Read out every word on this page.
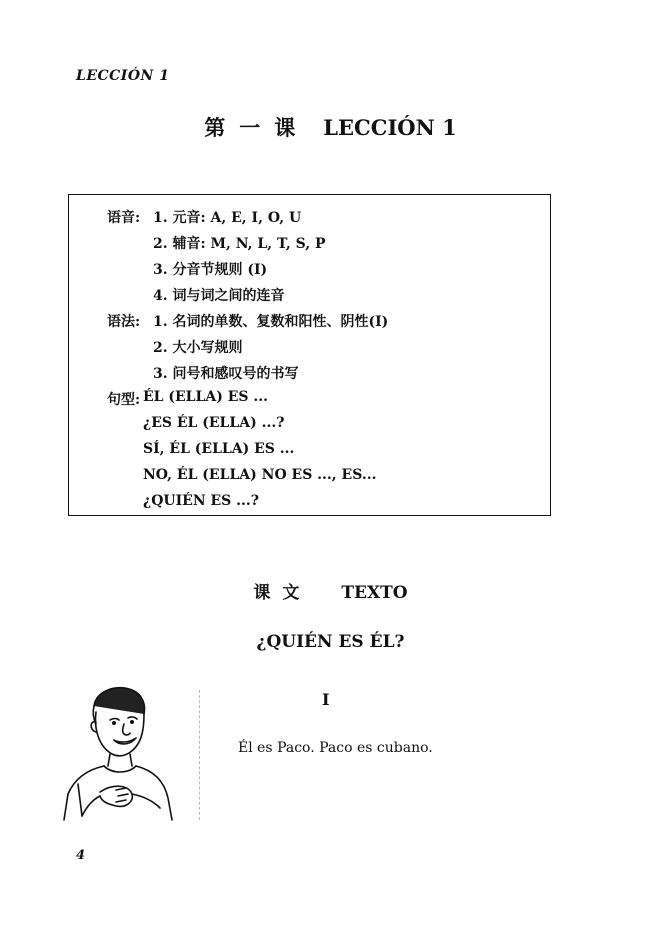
LECCIÓN 1
第一课 LECCIÓN 1
语音: 1. 元音: A, E, I, O, U
2. 辅音: M, N, L, T, S, P
3. 分音节规则 (I)
4. 词与词之间的连音
语法: 1. 名词的单数、复数和阳性、阴性(I)
2. 大小写规则
3. 问号和感叹号的书写
句型: ÉL (ELLA) ES ...
¿ES ÉL (ELLA) ...?
SÍ, ÉL (ELLA) ES ...
NO, ÉL (ELLA) NO ES ..., ES...
¿QUIÉN ES ...?
课文 TEXTO
¿QUIÉN ES ÉL?
I
Él es Paco. Paco es cubano.
4
